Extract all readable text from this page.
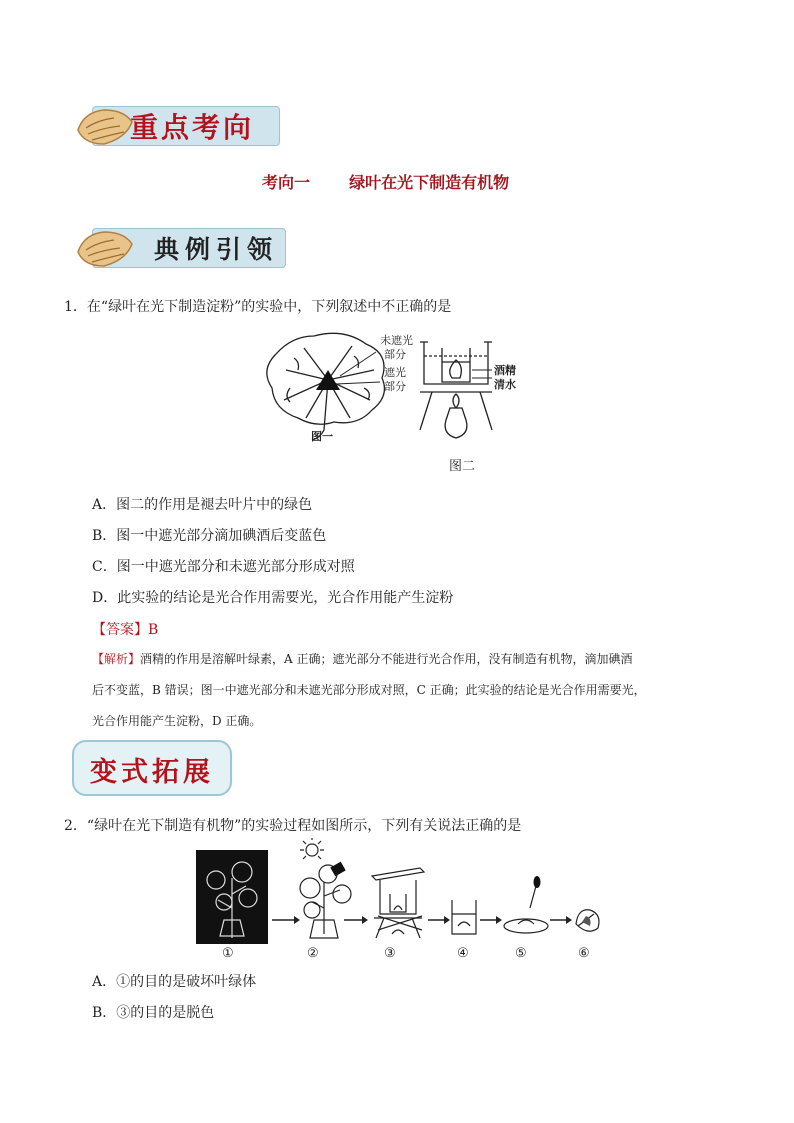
重点考向
考向一 绿叶在光下制造有机物
典例引领
1．在“绿叶在光下制造淀粉”的实验中，下列叙述中不正确的是
未遮光
部分
遮光
部分
图一
酒精
清水
图二
A．图二的作用是褪去叶片中的绿色
B．图一中遮光部分滴加碘酒后变蓝色
C．图一中遮光部分和未遮光部分形成对照
D．此实验的结论是光合作用需要光，光合作用能产生淀粉
【答案】B
【解析】酒精的作用是溶解叶绿素，A 正确；遮光部分不能进行光合作用，没有制造有机物，滴加碘酒
后不变蓝，B 错误；图一中遮光部分和未遮光部分形成对照，C 正确；此实验的结论是光合作用需要光，
光合作用能产生淀粉，D 正确。
变式拓展
2．“绿叶在光下制造有机物”的实验过程如图所示，下列有关说法正确的是
①	②	③	④	⑤	⑥
A．①的目的是破坏叶绿体
B．③的目的是脱色
